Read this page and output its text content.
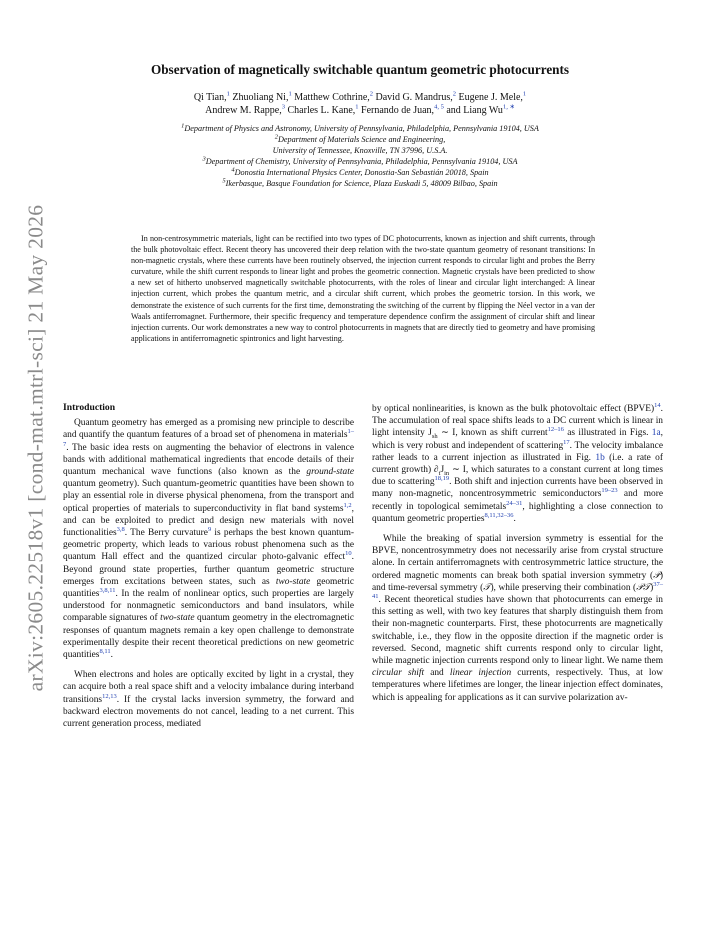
arXiv:2605.22518v1 [cond-mat.mtrl-sci] 21 May 2026
Observation of magnetically switchable quantum geometric photocurrents
Qi Tian,$^1$ Zhuoliang Ni,$^1$ Matthew Cothrine,$^2$ David G. Mandrus,$^2$ Eugene J. Mele,$^1$
Andrew M. Rappe,$^3$ Charles L. Kane,$^1$ Fernando de Juan,$^{4, 5}$ and Liang $Wu^{1, ∗}$
$^1$Department of Physics and Astronomy, University of Pennsylvania, Philadelphia, Pennsylvania 19104, USA
$^2$Department of Materials Science and Engineering,
University of Tennessee, Knoxville, TN 37996, U.S.A.
$^3$Department of Chemistry, University of Pennsylvania, Philadelphia, Pennsylvania 19104, USA
$^4$Donostia International Physics Center, Donostia-San Sebastián 20018, Spain
$^5$Ikerbasque, Basque Foundation for Science, Plaza Euskadi 5, 48009 Bilbao, Spain
In non-centrosymmetric materials, light can be rectified into two types of DC photocurrents, known as injection and shift currents, through the bulk photovoltaic effect. Recent theory has uncovered their deep relation with the two-state quantum geometry of resonant transitions: In non-magnetic crystals, where these currents have been routinely observed, the injection current responds to circular light and probes the Berry curvature, while the shift current responds to linear light and probes the geometric connection. Magnetic crystals have been predicted to show a new set of hitherto unobserved magnetically switchable photocurrents, with the roles of linear and circular light interchanged: A linear injection current, which probes the quantum metric, and a circular shift current, which probes the geometric torsion. In this work, we demonstrate the existence of such currents for the first time, demonstrating the switching of the current by flipping the Néel vector in a van der Waals antiferromagnet. Furthermore, their specific frequency and temperature dependence confirm the assignment of circular shift and linear injection currents. Our work demonstrates a new way to control photocurrents in magnets that are directly tied to geometry and have promising applications in antiferromagnetic spintronics and light harvesting.
Introduction

Quantum geometry has emerged as a promising new principle to describe and quantify the quantum features of a broad set of phenomena in materials$^{1-7}$. The basic idea rests on augmenting the behavior of electrons in valence bands with additional mathematical ingredients that encode details of their quantum mechanical wave functions (also known as the ground-state quantum geometry). Such quantum-geometric quantities have been shown to play an essential role in diverse physical phenomena, from the transport and optical properties of materials to superconductivity in flat band systems$^{1,2}$, and can be exploited to predict and design new materials with novel functionalities$^{3,8}$. The Berry curvature$^9$ is perhaps the best known quantum-geometric property, which leads to various robust phenomena such as the quantum Hall effect and the quantized circular photo-galvanic effect$^{10}$. Beyond ground state properties, further quantum geometric structure emerges from excitations between states, such as two-state geometric quantities$^{3,8,11}$. In the realm of nonlinear optics, such properties are largely understood for nonmagnetic semiconductors and band insulators, while comparable signatures of two-state quantum geometry in the electromagnetic responses of quantum magnets remain a key open challenge to demonstrate experimentally despite their recent theoretical predictions on new geometric quantities$^{8,11}$.

When electrons and holes are optically excited by light in a crystal, they can acquire both a real space shift and a velocity imbalance during interband transitions$^{12,13}$. If the crystal lacks inversion symmetry, the forward and backward electron movements do not cancel, leading to a net current. This current generation process, mediated

by optical nonlinearities, is known as the bulk photovoltaic effect (BPVE)$^{14}$. The accumulation of real space shifts leads to a DC current which is linear in light intensity $J_{sh}$ ∼ I, known as shift current$^{12-16}$ as illustrated in Figs. 1a, which is very robust and independent of scattering$^{17}$. The velocity imbalance rather leads to a current injection as illustrated in Fig. 1b (i.e. a rate of current growth) $\partial_tJ_{in}$ ∼ I, which saturates to a constant current at long times due to scattering$^{18,19}$. Both shift and injection currents have been observed in many non-magnetic, noncentrosymmetric semiconductors$^{19-23}$ and more recently in topological semimetals$^{24-31}$, highlighting a close connection to quantum geometric properties$^{8,11,32-36}$.

While the breaking of spatial inversion symmetry is essential for the BPVE, noncentrosymmetry does not necessarily arise from crystal structure alone. In certain antiferromagnets with centrosymmetric lattice structure, the ordered magnetic moments can break both spatial inversion symmetry (𝒫) and time-reversal symmetry (𝒯), while preserving their combination (𝒫𝒯)$^{37-41}$. Recent theoretical studies have shown that photocurrents can emerge in this setting as well, with two key features that sharply distinguish them from their non-magnetic counterparts. First, these photocurrents are magnetically switchable, i.e., they flow in the opposite direction if the magnetic order is reversed. Second, magnetic shift currents respond only to circular light, while magnetic injection currents respond only to linear light. We name them circular shift and linear injection currents, respectively. Thus, at low temperatures where lifetimes are longer, the linear injection effect dominates, which is appealing for applications as it can survive polarization av-
